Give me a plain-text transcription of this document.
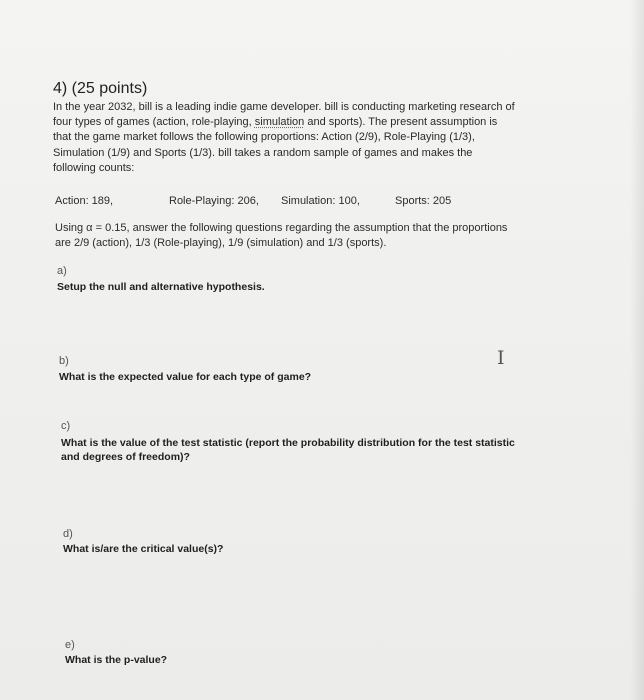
4) (25 points)
In the year 2032, bill is a leading indie game developer. bill is conducting marketing research of
four types of games (action, role-playing, simulation and sports). The present assumption is
that the game market follows the following proportions: Action (2/9), Role-Playing (1/3),
Simulation (1/9) and Sports (1/3). bill takes a random sample of games and makes the
following counts:
Action: 189,	Role-Playing: 206, Simulation: 100,	Sports: 205
Using α = 0.15, answer the following questions regarding the assumption that the proportions
are 2/9 (action), 1/3 (Role-playing), 1/9 (simulation) and 1/3 (sports).
a)
Setup the null and alternative hypothesis.
b)
What is the expected value for each type of game?
I
c)
What is the value of the test statistic (report the probability distribution for the test statistic
and degrees of freedom)?
d)
What is/are the critical value(s)?
e)
What is the p-value?
